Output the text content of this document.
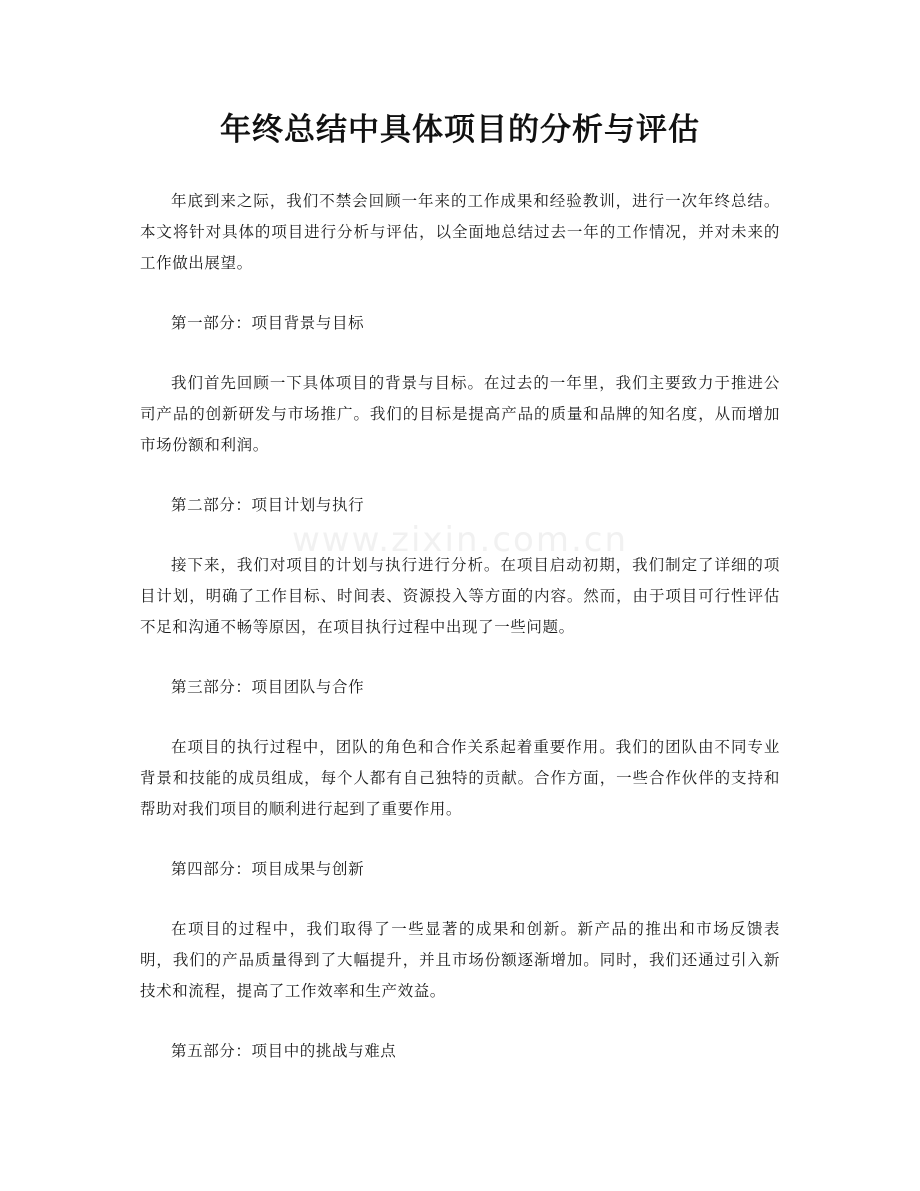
年终总结中具体项目的分析与评估
www.zixin.com.cn

年底到来之际，我们不禁会回顾一年来的工作成果和经验教训，进行一次年终总结。本文将针对具体的项目进行分析与评估，以全面地总结过去一年的工作情况，并对未来的工作做出展望。

第一部分：项目背景与目标

我们首先回顾一下具体项目的背景与目标。在过去的一年里，我们主要致力于推进公司产品的创新研发与市场推广。我们的目标是提高产品的质量和品牌的知名度，从而增加市场份额和利润。

第二部分：项目计划与执行

接下来，我们对项目的计划与执行进行分析。在项目启动初期，我们制定了详细的项目计划，明确了工作目标、时间表、资源投入等方面的内容。然而，由于项目可行性评估不足和沟通不畅等原因，在项目执行过程中出现了一些问题。

第三部分：项目团队与合作

在项目的执行过程中，团队的角色和合作关系起着重要作用。我们的团队由不同专业背景和技能的成员组成，每个人都有自己独特的贡献。合作方面，一些合作伙伴的支持和帮助对我们项目的顺利进行起到了重要作用。

第四部分：项目成果与创新

在项目的过程中，我们取得了一些显著的成果和创新。新产品的推出和市场反馈表明，我们的产品质量得到了大幅提升，并且市场份额逐渐增加。同时，我们还通过引入新技术和流程，提高了工作效率和生产效益。

第五部分：项目中的挑战与难点
